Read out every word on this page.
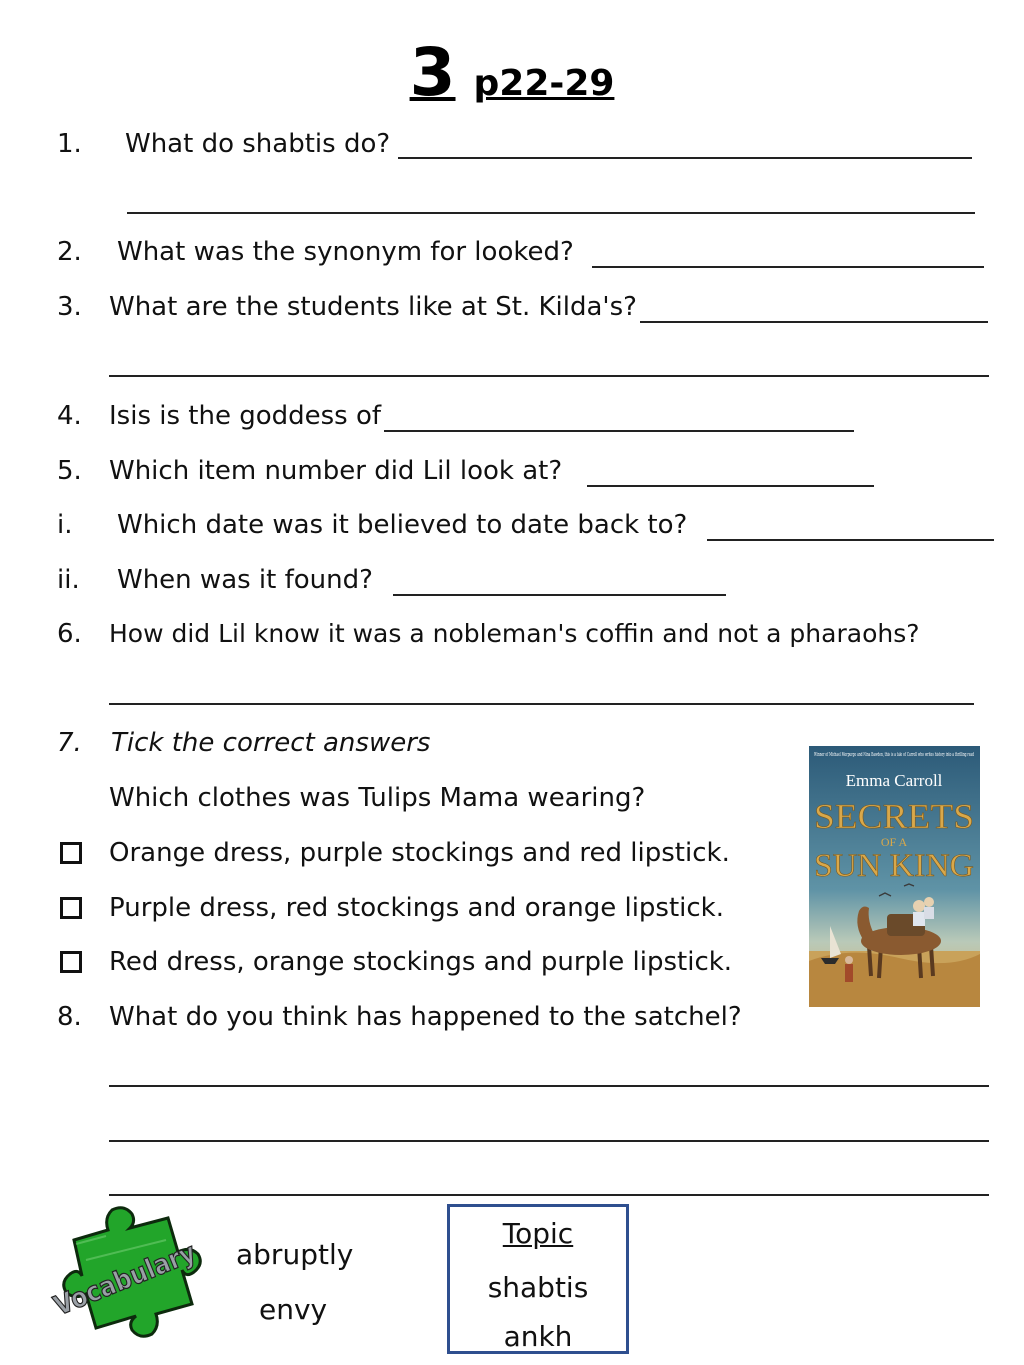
3 p22-29
1. What do shabtis do?
2. What was the synonym for looked?
3. What are the students like at St. Kilda's?
4. Isis is the goddess of
5. Which item number did Lil look at?
i. Which date was it believed to date back to?
ii. When was it found?
6. How did Lil know it was a nobleman's coffin and not a pharaohs?
7. Tick the correct answers
Which clothes was Tulips Mama wearing?
Orange dress, purple stockings and red lipstick.
Purple dress, red stockings and orange lipstick.
Red dress, orange stockings and purple lipstick.
8. What do you think has happened to the satchel?
Winner of Michael Morpurgo and Nina Bawden, this is a tale of Carroll who writes history into a thrilling read
Emma Carroll
SECRETS
OF A
SUN KING
Vocabulary abruptly
envy
Topic
shabtis
ankh
